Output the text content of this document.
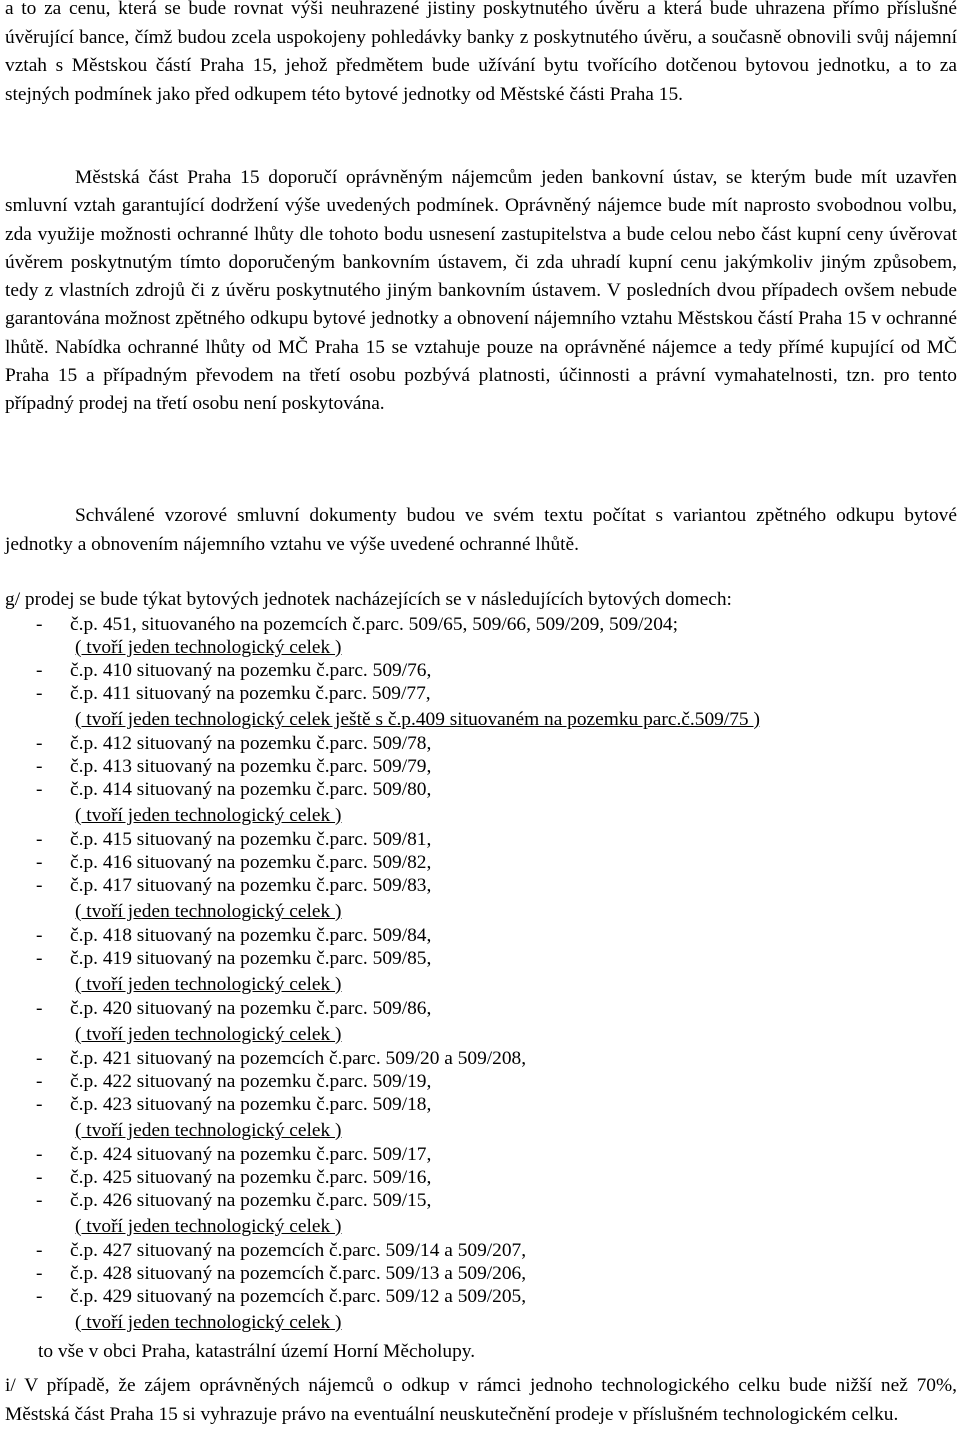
a to za cenu, která se bude rovnat výši neuhrazené jistiny poskytnutého úvěru a která bude uhrazena přímo příslušné úvěrující bance, čímž budou zcela uspokojeny pohledávky banky z poskytnutého úvěru, a současně obnovili svůj nájemní vztah s Městskou částí Praha 15, jehož předmětem bude užívání bytu tvořícího dotčenou bytovou jednotku, a to za stejných podmínek jako před odkupem této bytové jednotky od Městské části Praha 15.

Městská část Praha 15 doporučí oprávněným nájemcům jeden bankovní ústav, se kterým bude mít uzavřen smluvní vztah garantující dodržení výše uvedených podmínek. Oprávněný nájemce bude mít naprosto svobodnou volbu, zda využije možnosti ochranné lhůty dle tohoto bodu usnesení zastupitelstva a bude celou nebo část kupní ceny úvěrovat úvěrem poskytnutým tímto doporučeným bankovním ústavem, či zda uhradí kupní cenu jakýmkoliv jiným způsobem, tedy z vlastních zdrojů či z úvěru poskytnutého jiným bankovním ústavem. V posledních dvou případech ovšem nebude garantována možnost zpětného odkupu bytové jednotky a obnovení nájemního vztahu Městskou částí Praha 15 v ochranné lhůtě. Nabídka ochranné lhůty od MČ Praha 15 se vztahuje pouze na oprávněné nájemce a tedy přímé kupující od MČ Praha 15 a případným převodem na třetí osobu pozbývá platnosti, účinnosti a právní vymahatelnosti, tzn. pro tento případný prodej na třetí osobu není poskytována.

Schválené vzorové smluvní dokumenty budou ve svém textu počítat s variantou zpětného odkupu bytové jednotky a obnovením nájemního vztahu ve výše uvedené ochranné lhůtě.

g/ prodej se bude týkat bytových jednotek nacházejících se v následujících bytových domech:

- č.p. 451, situovaného na pozemcích č.parc. 509/65, 509/66, 509/209, 509/204;
( tvoří jeden technologický celek )
- č.p. 410 situovaný na pozemku č.parc. 509/76,
- č.p. 411 situovaný na pozemku č.parc. 509/77,
( tvoří jeden technologický celek ještě s č.p.409 situovaném na pozemku parc.č.509/75 )
- č.p. 412 situovaný na pozemku č.parc. 509/78,
- č.p. 413 situovaný na pozemku č.parc. 509/79,
- č.p. 414 situovaný na pozemku č.parc. 509/80,
( tvoří jeden technologický celek )
- č.p. 415 situovaný na pozemku č.parc. 509/81,
- č.p. 416 situovaný na pozemku č.parc. 509/82,
- č.p. 417 situovaný na pozemku č.parc. 509/83,
( tvoří jeden technologický celek )
- č.p. 418 situovaný na pozemku č.parc. 509/84,
- č.p. 419 situovaný na pozemku č.parc. 509/85,
( tvoří jeden technologický celek )
- č.p. 420 situovaný na pozemku č.parc. 509/86,
( tvoří jeden technologický celek )
- č.p. 421 situovaný na pozemcích č.parc. 509/20 a 509/208,
- č.p. 422 situovaný na pozemku č.parc. 509/19,
- č.p. 423 situovaný na pozemku č.parc. 509/18,
( tvoří jeden technologický celek )
- č.p. 424 situovaný na pozemku č.parc. 509/17,
- č.p. 425 situovaný na pozemku č.parc. 509/16,
- č.p. 426 situovaný na pozemku č.parc. 509/15,
( tvoří jeden technologický celek )
- č.p. 427 situovaný na pozemcích č.parc. 509/14 a 509/207,
- č.p. 428 situovaný na pozemcích č.parc. 509/13 a 509/206,
- č.p. 429 situovaný na pozemcích č.parc. 509/12 a 509/205,
( tvoří jeden technologický celek )
to vše v obci Praha, katastrální území Horní Měcholupy.

i/ V případě, že zájem oprávněných nájemců o odkup v rámci jednoho technologického celku bude nižší než 70%, Městská část Praha 15 si vyhrazuje právo na eventuální neuskutečnění prodeje v příslušném technologickém celku.
